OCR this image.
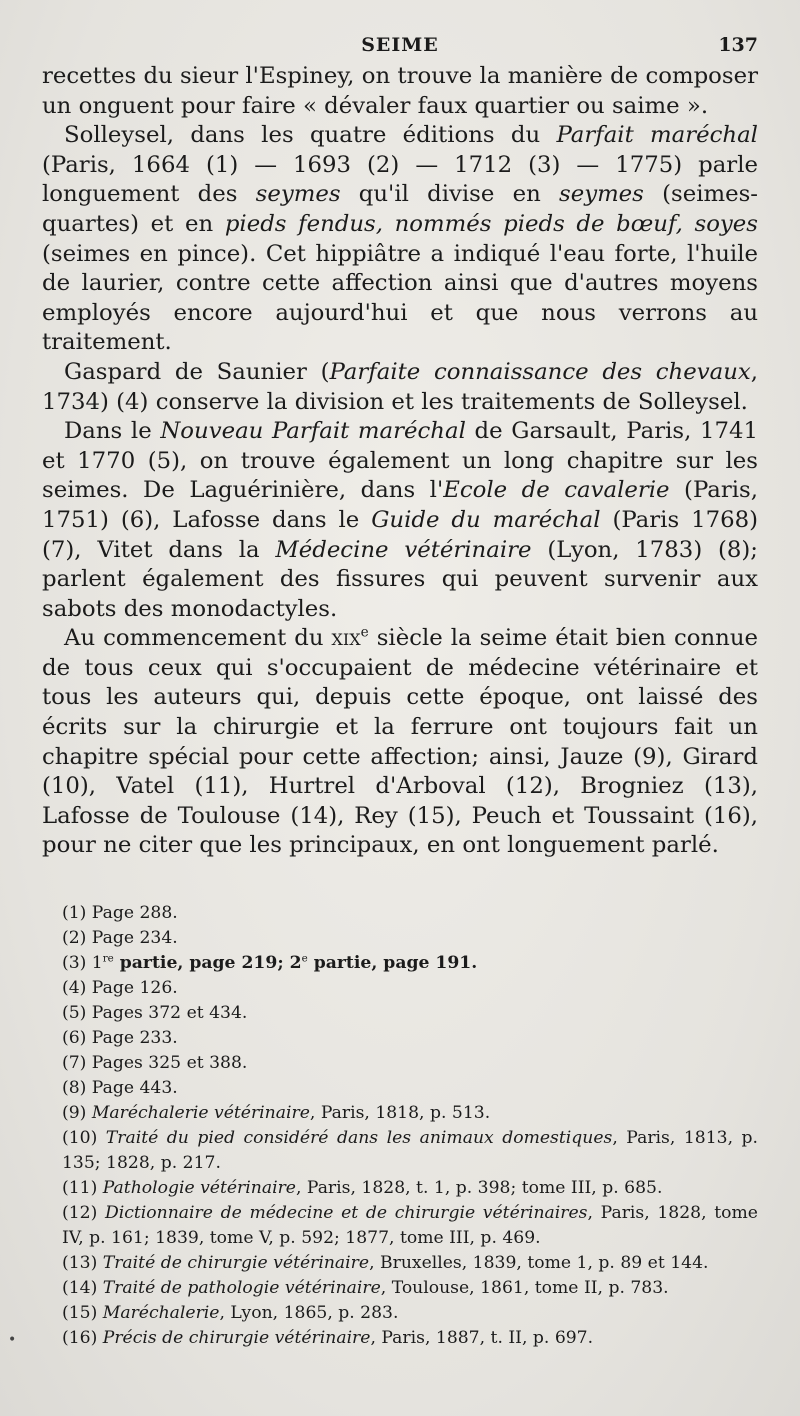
SEIME	137

recettes du sieur l'Espiney, on trouve la manière de composer un onguent pour faire « dévaler faux quartier ou saime ».

Solleysel, dans les quatre éditions du Parfait maréchal (Paris, 1664 (1) — 1693 (2) — 1712 (3) — 1775) parle longuement des seymes qu'il divise en seymes (seimes-quartes) et en pieds fendus, nommés pieds de bœuf, soyes (seimes en pince). Cet hippiâtre a indiqué l'eau forte, l'huile de laurier, contre cette affection ainsi que d'autres moyens employés encore aujourd'hui et que nous verrons au traitement.

Gaspard de Saunier (Parfaite connaissance des chevaux, 1734) (4) conserve la division et les traitements de Solleysel.

Dans le Nouveau Parfait maréchal de Garsault, Paris, 1741 et 1770 (5), on trouve également un long chapitre sur les seimes. De Laguérinière, dans l'Ecole de cavalerie (Paris, 1751) (6), Lafosse dans le Guide du maréchal (Paris 1768) (7), Vitet dans la Médecine vétérinaire (Lyon, 1783) (8); parlent également des fissures qui peuvent survenir aux sabots des monodactyles.

Au commencement du xix$^e$ siècle la seime était bien connue de tous ceux qui s'occupaient de médecine vétérinaire et tous les auteurs qui, depuis cette époque, ont laissé des écrits sur la chirurgie et la ferrure ont toujours fait un chapitre spécial pour cette affection; ainsi, Jauze (9), Girard (10), Vatel (11), Hurtrel d'Arboval (12), Brogniez (13), Lafosse de Toulouse (14), Rey (15), Peuch et Toussaint (16), pour ne citer que les principaux, en ont longuement parlé.

(1) Page 288.
(2) Page 234.
(3) 1re partie, page 219; 2e partie, page 191.
(4) Page 126.
(5) Pages 372 et 434.
(6) Page 233.
(7) Pages 325 et 388.
(8) Page 443.
(9) Maréchalerie vétérinaire, Paris, 1818, p. 513.
(10) Traité du pied considéré dans les animaux domestiques, Paris, 1813, p. 135; 1828, p. 217.
(11) Pathologie vétérinaire, Paris, 1828, t. 1, p. 398; tome III, p. 685.
(12) Dictionnaire de médecine et de chirurgie vétérinaires, Paris, 1828, tome IV, p. 161; 1839, tome V, p. 592; 1877, tome III, p. 469.
(13) Traité de chirurgie vétérinaire, Bruxelles, 1839, tome 1, p. 89 et 144.
(14) Traité de pathologie vétérinaire, Toulouse, 1861, tome II, p. 783.
(15) Maréchalerie, Lyon, 1865, p. 283.
(16) Précis de chirurgie vétérinaire, Paris, 1887, t. II, p. 697.
•
